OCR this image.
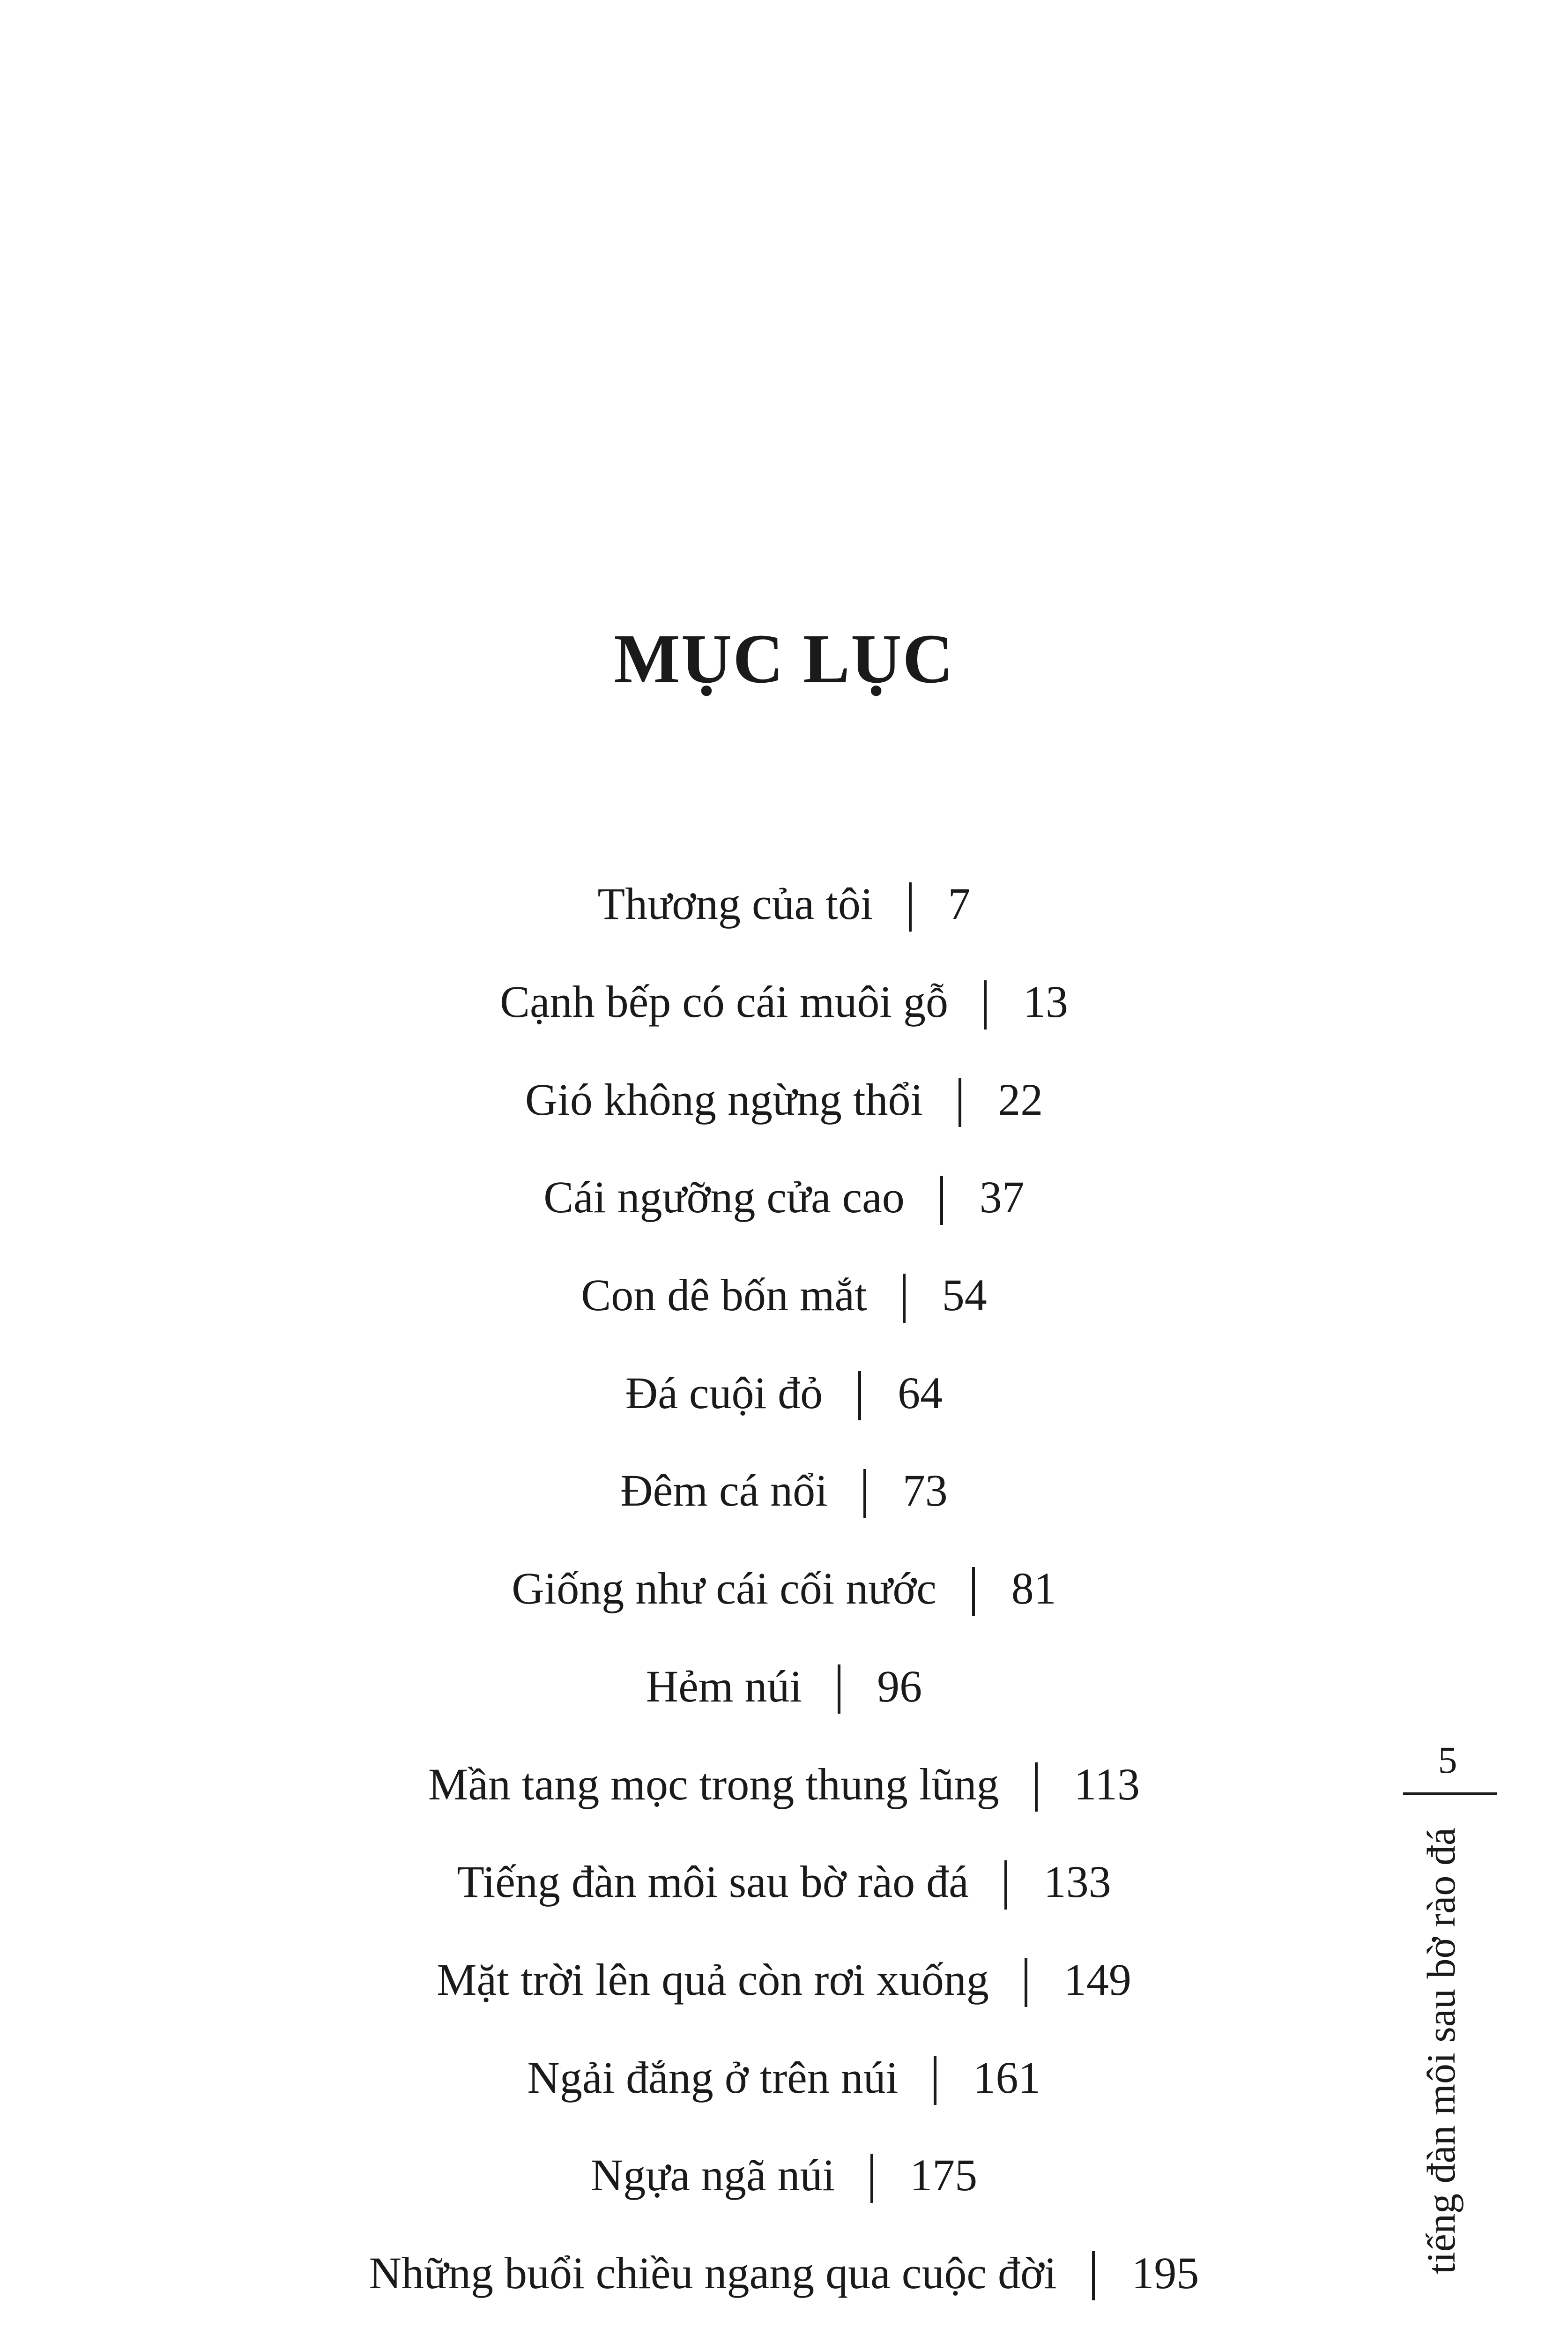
MỤC LỤC
Thương của tôi 7
Cạnh bếp có cái muôi gỗ 13
Gió không ngừng thổi 22
Cái ngưỡng cửa cao 37
Con dê bốn mắt 54
Đá cuội đỏ 64
Đêm cá nổi 73
Giống như cái cối nước 81
Hẻm núi 96
Mần tang mọc trong thung lũng 113
Tiếng đàn môi sau bờ rào đá 133
Mặt trời lên quả còn rơi xuống 149
Ngải đắng ở trên núi 161
Ngựa ngã núi 175
Những buổi chiều ngang qua cuộc đời 195
5
tiếng đàn môi sau bờ rào đá
